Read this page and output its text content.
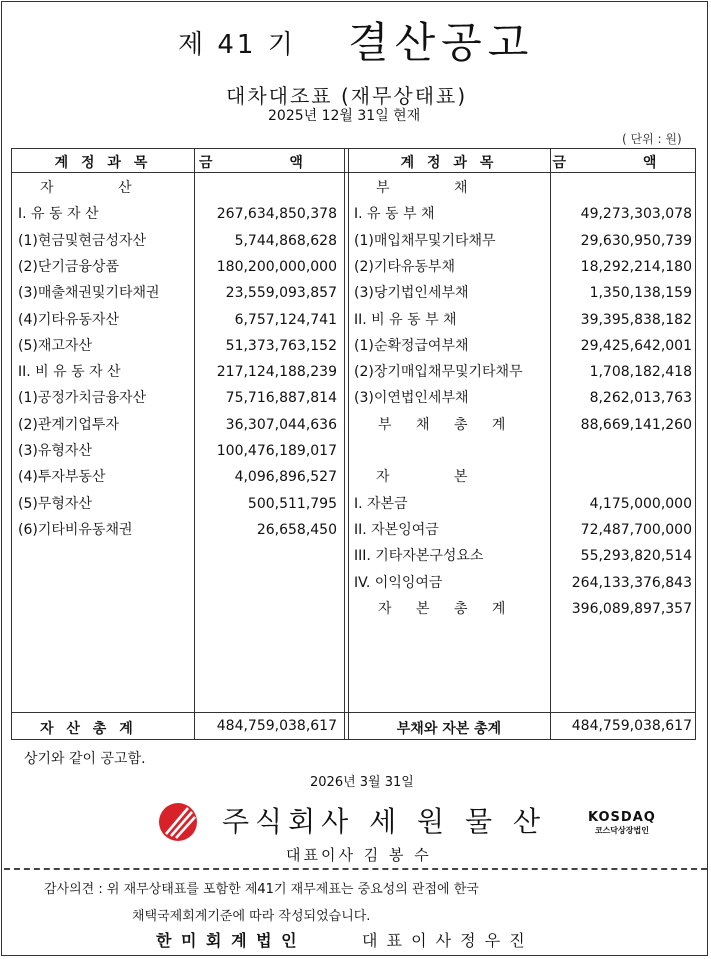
제 41 기 결산공고
대차대조표 (재무상태표)
2025년 12월 31일 현재
( 단위 : 원)
계 정 과 목	금 액	계 정 과 목	금 액
자 산
I. 유 동 자 산	267,634,850,378
(1)현금및현금성자산	5,744,868,628
(2)단기금융상품	180,200,000,000
(3)매출채권및기타채권	23,559,093,857
(4)기타유동자산	6,757,124,741
(5)재고자산	51,373,763,152
II. 비 유 동 자 산	217,124,188,239
(1)공정가치금융자산	75,716,887,814
(2)관계기업투자	36,307,044,636
(3)유형자산	100,476,189,017
(4)투자부동산	4,096,896,527
(5)무형자산	500,511,795
(6)기타비유동채권	26,658,450
부 채
I. 유 동 부 채	49,273,303,078
(1)매입채무및기타채무	29,630,950,739
(2)기타유동부채	18,292,214,180
(3)당기법인세부채	1,350,138,159
II. 비 유 동 부 채	39,395,838,182
(1)순확정급여부채	29,425,642,001
(2)장기매입채무및기타채무	1,708,182,418
(3)이연법인세부채	8,262,013,763
부 채 총 계	88,669,141,260
자 본
I. 자본금	4,175,000,000
II. 자본잉여금	72,487,700,000
III. 기타자본구성요소	55,293,820,514
IV. 이익잉여금	264,133,376,843
자 본 총 계	396,089,897,357
자 산 총 계	484,759,038,617	부채와 자본 총계	484,759,038,617
상기와 같이 공고함.
2026년 3월 31일
주식회사 세 원 물 산	KOSDAQ
코스닥상장법인
대표이사 김 봉 수
감사의견 : 위 재무상태표를 포함한 제41기 재무제표는 중요성의 관점에 한국
채택국제회계기준에 따라 작성되었습니다.
한 미 회 계 법 인	대 표 이 사 정 우 진
